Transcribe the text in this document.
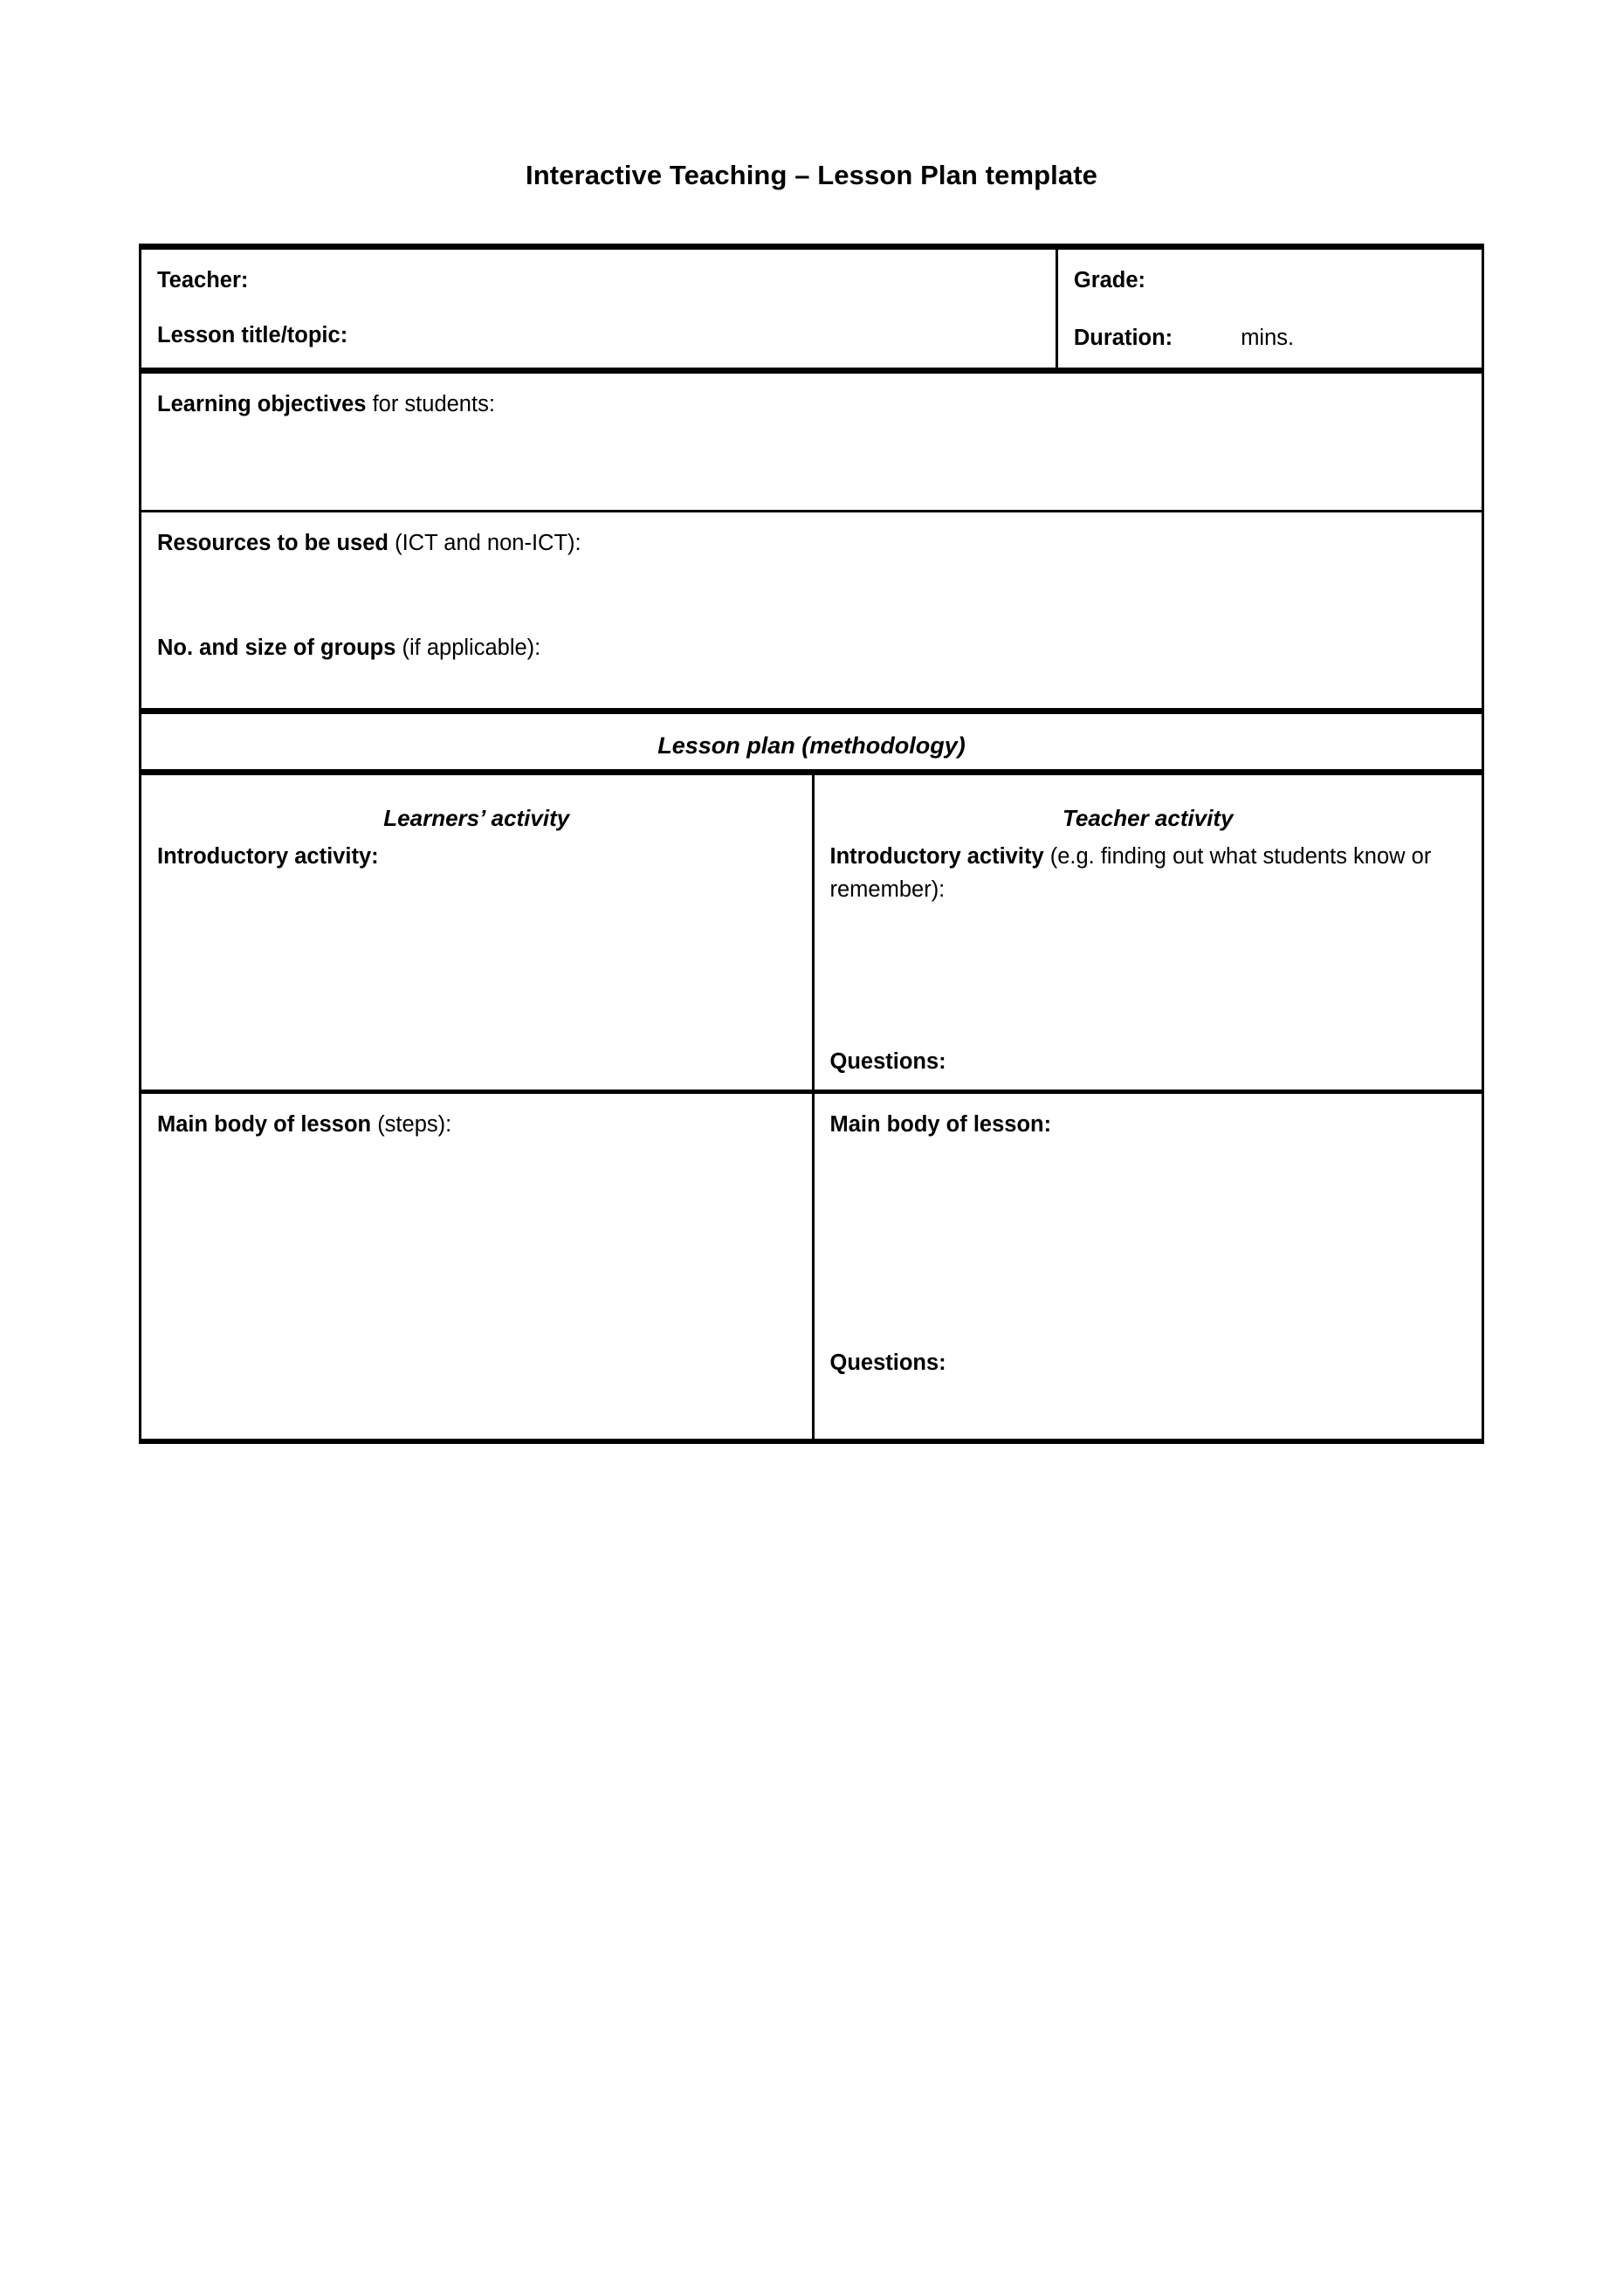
Interactive Teaching – Lesson Plan template
Teacher:
Lesson title/topic:
Grade:
Duration:	mins.
Learning objectives for students:
Resources to be used (ICT and non-ICT):
No. and size of groups (if applicable):
Lesson plan (methodology)
Learners’ activity
Introductory activity:
Teacher activity
Introductory activity (e.g. finding out what students know or remember):
Questions:
Main body of lesson (steps):	Main body of lesson:
Questions:
